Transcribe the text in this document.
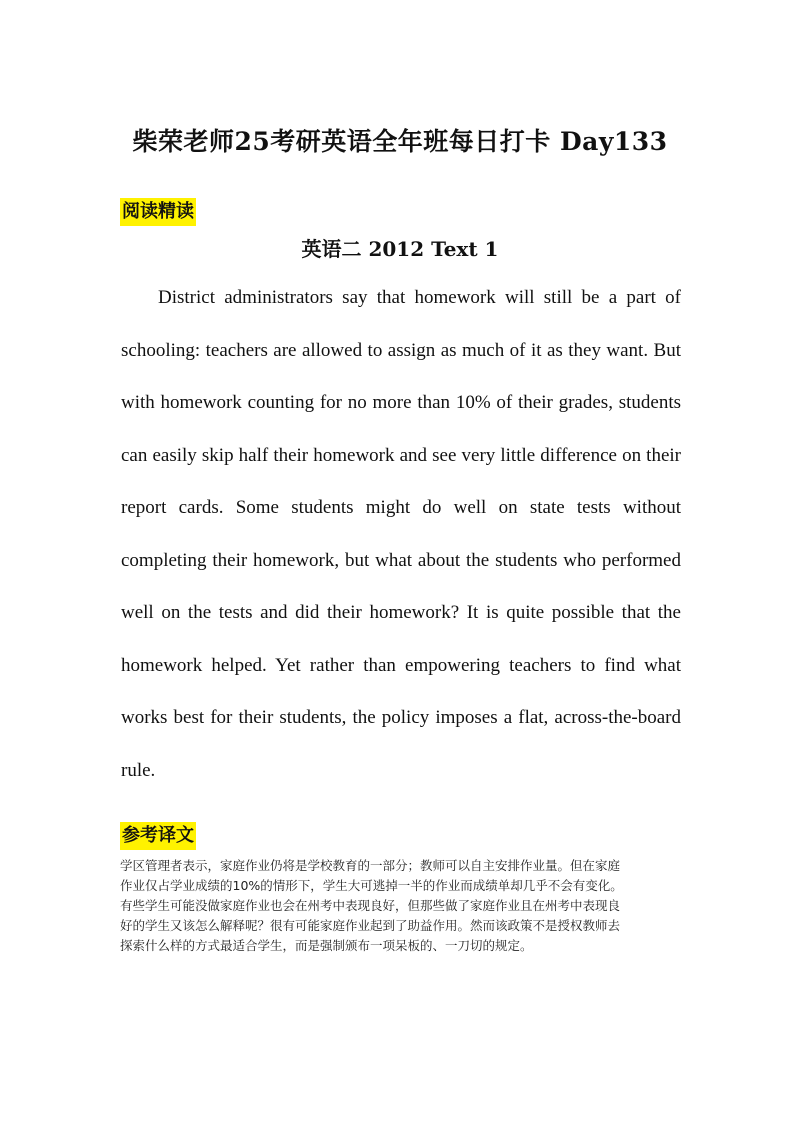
柴荣老师25考研英语全年班每日打卡 Day133
阅读精读
英语二 2012 Text 1
District administrators say that homework will still be a part of
schooling: teachers are allowed to assign as much of it as they want. But
with homework counting for no more than 10% of their grades, students
can easily skip half their homework and see very little difference on their
report cards. Some students might do well on state tests without
completing their homework, but what about the students who performed
well on the tests and did their homework? It is quite possible that the
homework helped. Yet rather than empowering teachers to find what
works best for their students, the policy imposes a flat, across-the-board
rule.
参考译文
学区管理者表示，家庭作业仍将是学校教育的一部分；教师可以自主安排作业量。但在家庭
作业仅占学业成绩的10%的情形下，学生大可逃掉一半的作业而成绩单却几乎不会有变化。
有些学生可能没做家庭作业也会在州考中表现良好，但那些做了家庭作业且在州考中表现良
好的学生又该怎么解释呢？很有可能家庭作业起到了助益作用。然而该政策不是授权教师去
探索什么样的方式最适合学生，而是强制颁布一项呆板的、一刀切的规定。
